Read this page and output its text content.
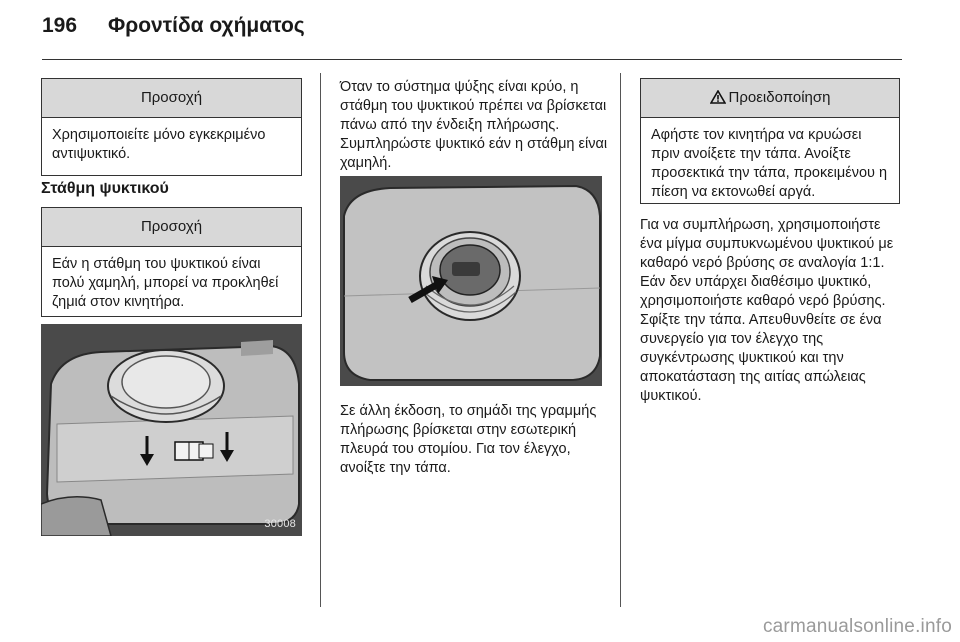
196 Φροντίδα οχήματος
Προσοχή
Χρησιμοποιείτε μόνο εγκεκριμένο αντιψυκτικό.
Στάθμη ψυκτικού
Προσοχή
Εάν η στάθμη του ψυκτικού είναι πολύ χαμηλή, μπορεί να προκληθεί ζημιά στον κινητήρα.
30008
Όταν το σύστημα ψύξης είναι κρύο, η στάθμη του ψυκτικού πρέπει να βρίσκεται πάνω από την ένδειξη πλήρωσης. Συμπληρώστε ψυκτικό εάν η στάθμη είναι χαμηλή.
Σε άλλη έκδοση, το σημάδι της γραμμής πλήρωσης βρίσκεται στην εσωτερική πλευρά του στομίου. Για τον έλεγχο, ανοίξτε την τάπα.
Προειδοποίηση
Αφήστε τον κινητήρα να κρυώσει πριν ανοίξετε την τάπα. Ανοίξτε προσεκτικά την τάπα, προκειμένου η πίεση να εκτονωθεί αργά.
Για να συμπλήρωση, χρησιμοποιήστε ένα μίγμα συμπυκνωμένου ψυκτικού με καθαρό νερό βρύσης σε αναλογία 1:1. Εάν δεν υπάρχει διαθέσιμο ψυκτικό, χρησιμοποιήστε καθαρό νερό βρύσης. Σφίξτε την τάπα. Απευθυνθείτε σε ένα συνεργείο για τον έλεγχο της συγκέντρωσης ψυκτικού και την αποκατάσταση της αιτίας απώλειας ψυκτικού.
carmanualsonline.info
